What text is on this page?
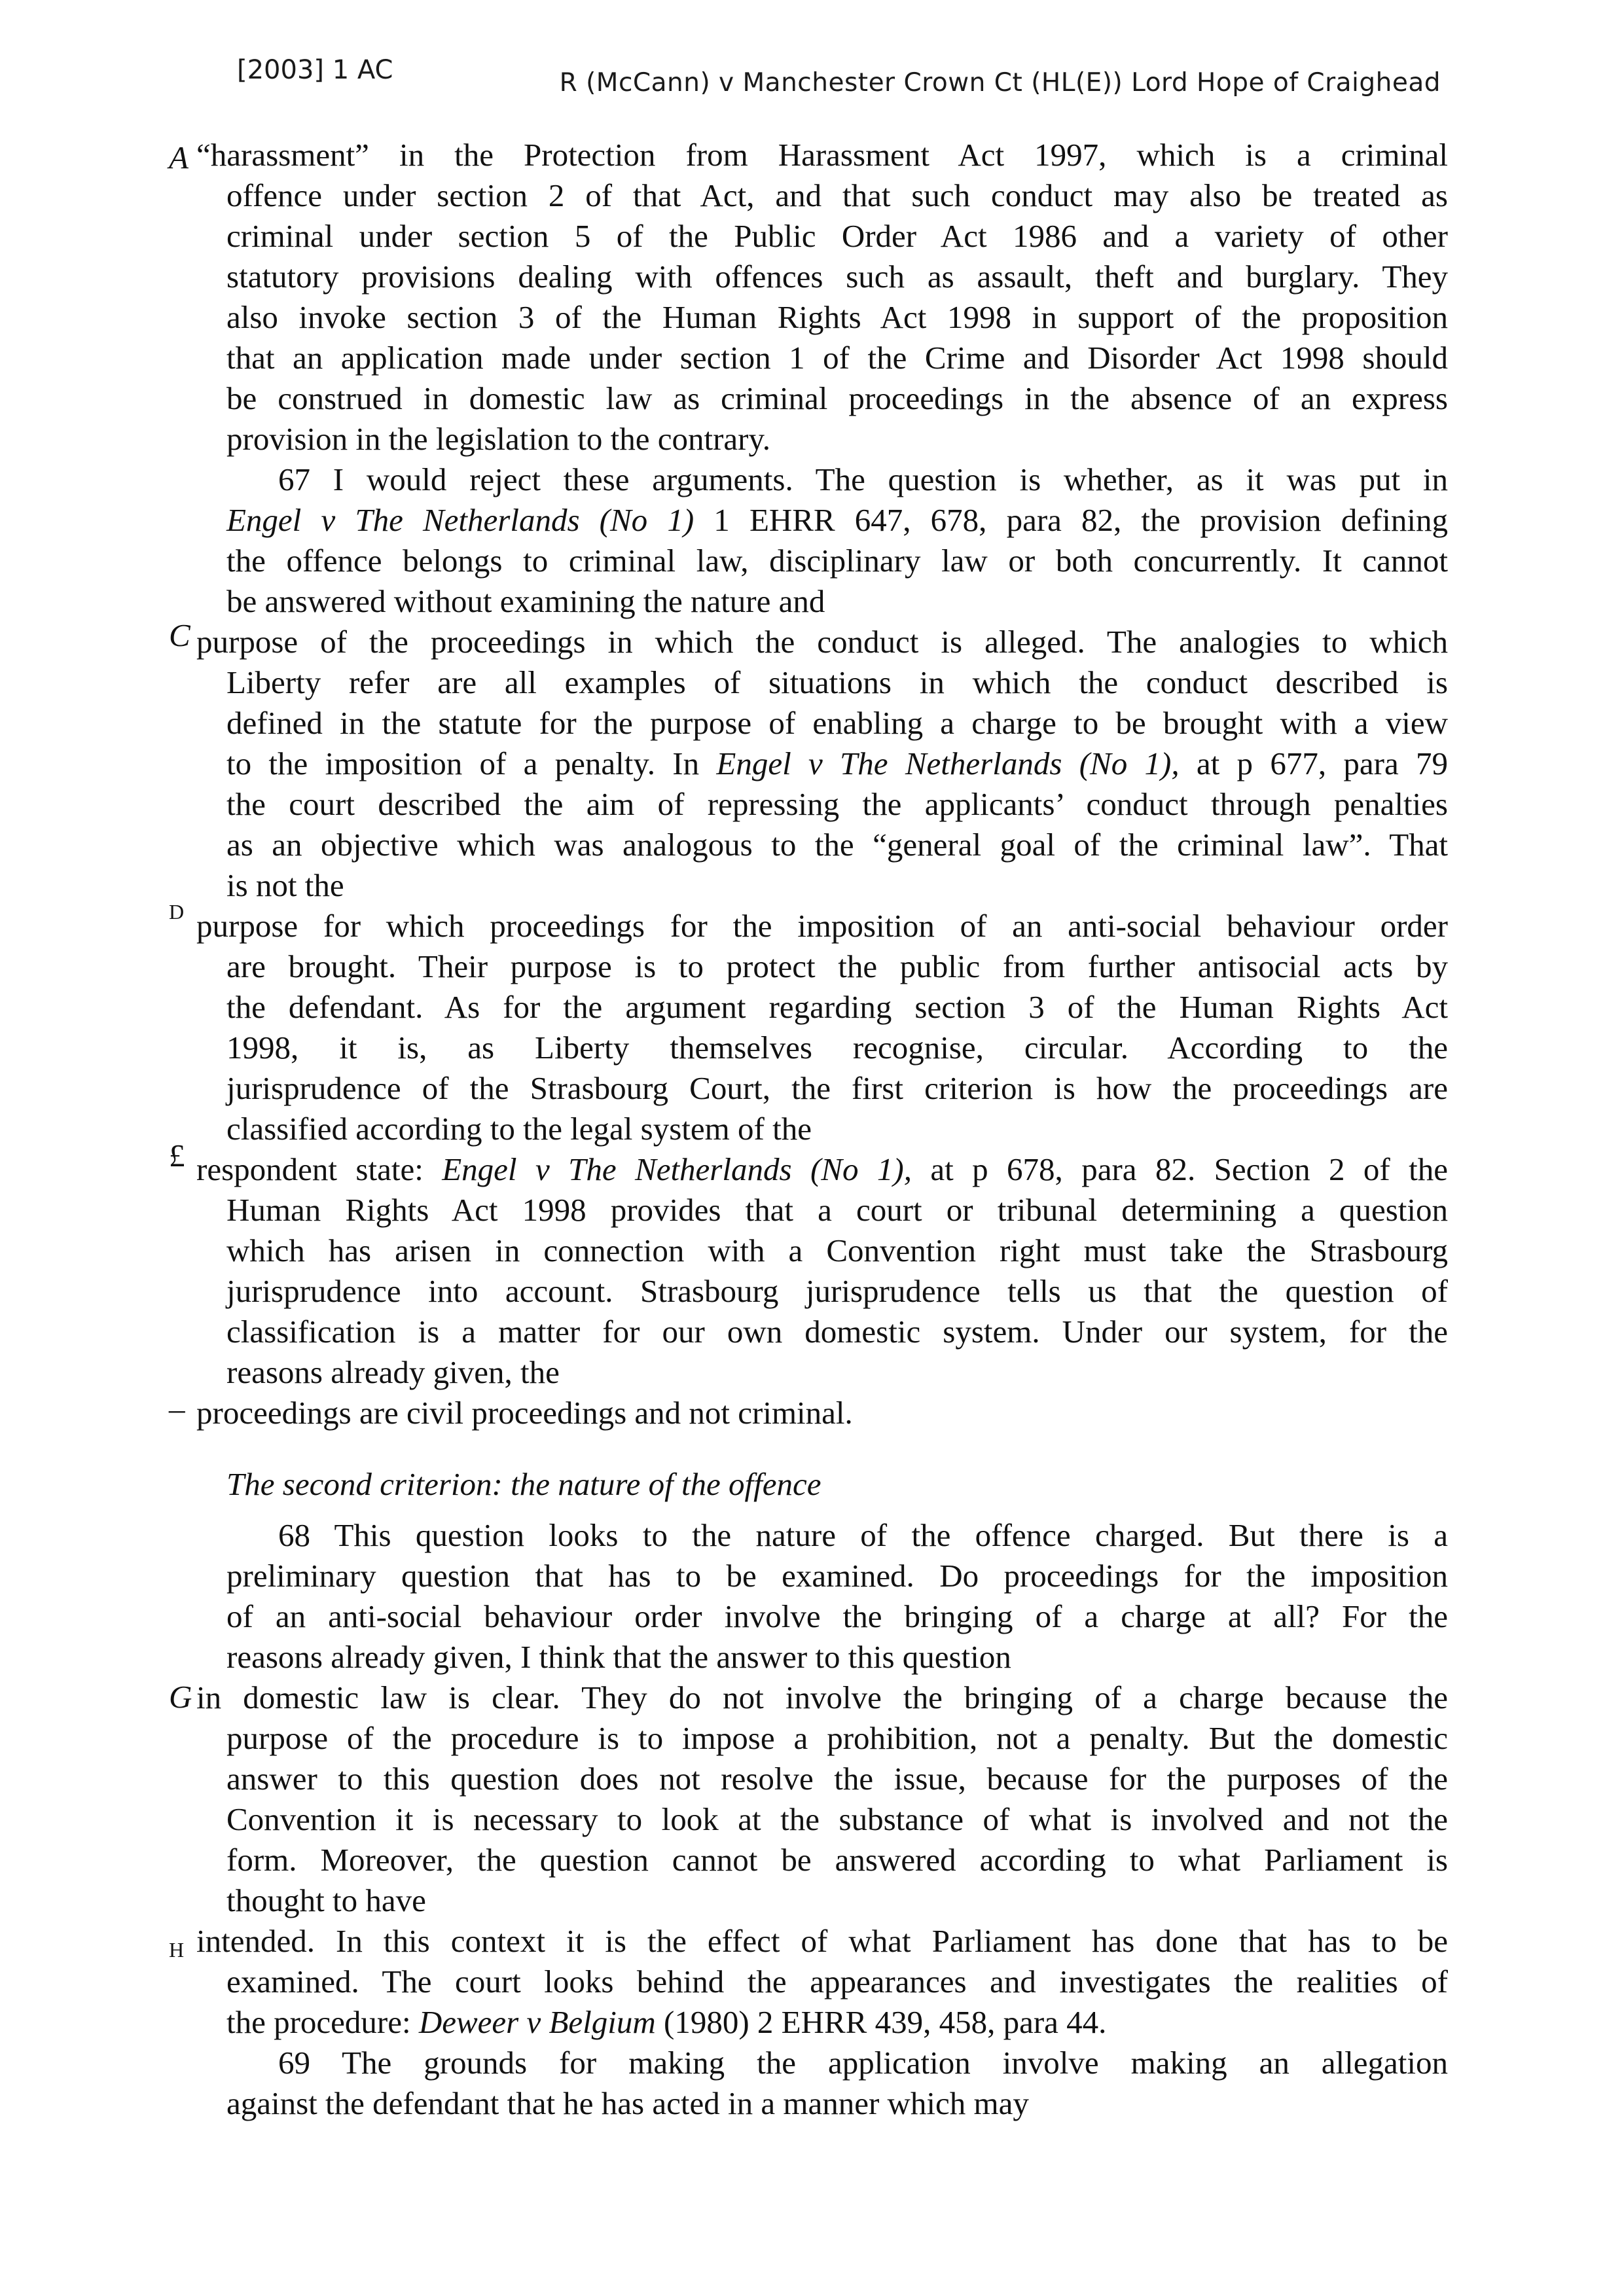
[2003] 1 AC	R (McCann) v Manchester Crown Ct (HL(E)) Lord Hope of Craighead
A
C
D
£
_
G
H
“harassment” in the Protection from Harassment Act 1997, which is a criminal
offence under section 2 of that Act, and that such conduct may also be treated as
criminal under section 5 of the Public Order Act 1986 and a variety of other
statutory provisions dealing with offences such as assault, theft and burglary. They
also invoke section 3 of the Human Rights Act 1998 in support of the proposition
that an application made under section 1 of the Crime and Disorder Act 1998 should
be construed in domestic law as criminal proceedings in the absence of an express
provision in the legislation to the contrary.
67 I would reject these arguments. The question is whether, as it was put in
Engel v The Netherlands (No 1) 1 EHRR 647, 678, para 82, the provision defining
the offence belongs to criminal law, disciplinary law or both concurrently. It cannot
be answered without examining the nature and
purpose of the proceedings in which the conduct is alleged. The analogies to which
Liberty refer are all examples of situations in which the conduct described is
defined in the statute for the purpose of enabling a charge to be brought with a view
to the imposition of a penalty. In Engel v The Netherlands (No 1), at p 677, para 79
the court described the aim of repressing the applicants’ conduct through penalties
as an objective which was analogous to the “general goal of the criminal law”. That
is not the
purpose for which proceedings for the imposition of an anti-social behaviour order
are brought. Their purpose is to protect the public from further antisocial acts by
the defendant. As for the argument regarding section 3 of the Human Rights Act
1998, it is, as Liberty themselves recognise, circular. According to the
jurisprudence of the Strasbourg Court, the first criterion is how the proceedings are
classified according to the legal system of the
respondent state: Engel v The Netherlands (No 1), at p 678, para 82. Section 2 of the
Human Rights Act 1998 provides that a court or tribunal determining a question
which has arisen in connection with a Convention right must take the Strasbourg
jurisprudence into account. Strasbourg jurisprudence tells us that the question of
classification is a matter for our own domestic system. Under our system, for the
reasons already given, the
proceedings are civil proceedings and not criminal.
The second criterion: the nature of the offence
68 This question looks to the nature of the offence charged. But there is a
preliminary question that has to be examined. Do proceedings for the imposition
of an anti-social behaviour order involve the bringing of a charge at all? For the
reasons already given, I think that the answer to this question
in domestic law is clear. They do not involve the bringing of a charge because the
purpose of the procedure is to impose a prohibition, not a penalty. But the domestic
answer to this question does not resolve the issue, because for the purposes of the
Convention it is necessary to look at the substance of what is involved and not the
form. Moreover, the question cannot be answered according to what Parliament is
thought to have
intended. In this context it is the effect of what Parliament has done that has to be
examined. The court looks behind the appearances and investigates the realities of
the procedure: Deweer v Belgium (1980) 2 EHRR 439, 458, para 44.
69 The grounds for making the application involve making an allegation
against the defendant that he has acted in a manner which may
